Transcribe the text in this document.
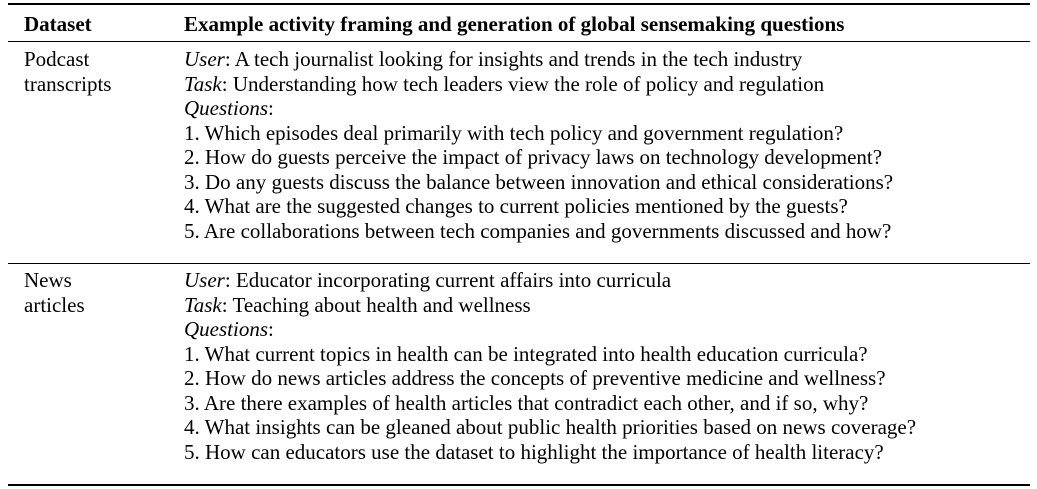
Dataset	Example activity framing and generation of global sensemaking questions
Podcast
transcripts
User: A tech journalist looking for insights and trends in the tech industry
Task: Understanding how tech leaders view the role of policy and regulation
Questions:
1. Which episodes deal primarily with tech policy and government regulation?
2. How do guests perceive the impact of privacy laws on technology development?
3. Do any guests discuss the balance between innovation and ethical considerations?
4. What are the suggested changes to current policies mentioned by the guests?
5. Are collaborations between tech companies and governments discussed and how?
News
articles
User: Educator incorporating current affairs into curricula
Task: Teaching about health and wellness
Questions:
1. What current topics in health can be integrated into health education curricula?
2. How do news articles address the concepts of preventive medicine and wellness?
3. Are there examples of health articles that contradict each other, and if so, why?
4. What insights can be gleaned about public health priorities based on news coverage?
5. How can educators use the dataset to highlight the importance of health literacy?
